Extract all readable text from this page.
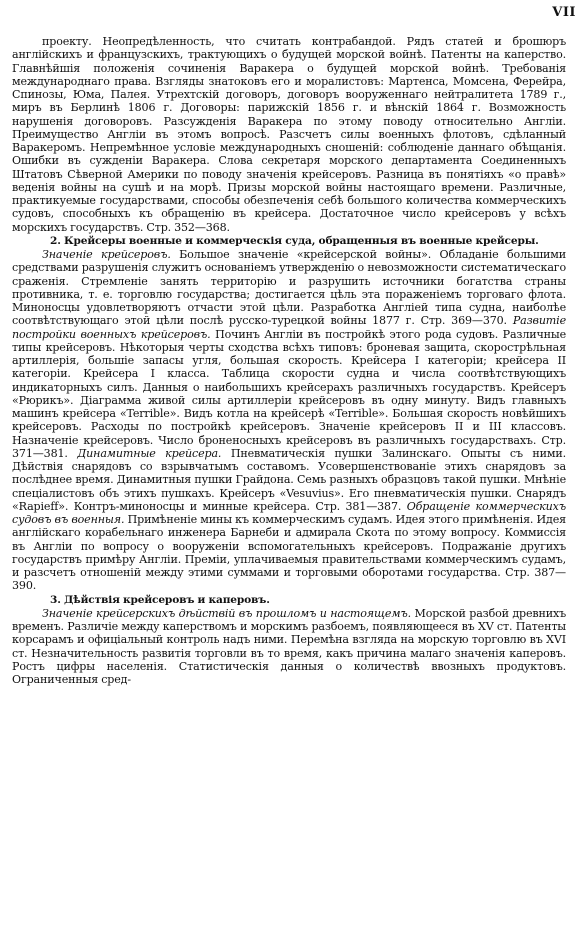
VII

проекту. Неопредѣленность, что считать контрабандой. Рядъ статей и брошюръ англійскихъ и французскихъ, трактующихъ о будущей морской войнѣ. Патенты на каперство. Главнѣйшія положенія сочиненія Варакера о будущей морской войнѣ. Требованія международнаго права. Взгляды знатоковъ его и моралистовъ: Мартенса, Момсена, Ферейра, Спинозы, Юма, Палея. Утрехтскій договоръ, договоръ вооруженнаго нейтралитета 1789 г., миръ въ Берлинѣ 1806 г. Договоры: парижскій 1856 г. и вѣнскій 1864 г. Возможность нарушенія договоровъ. Разсужденія Варакера по этому поводу относительно Англіи. Преимущество Англіи въ этомъ вопросѣ. Разсчетъ силы военныхъ флотовъ, сдѣланный Варакеромъ. Непремѣнное условіе международныхъ сношеній: соблюденіе даннаго обѣщанія. Ошибки въ сужденіи Варакера. Слова секретаря морского департамента Соединенныхъ Штатовъ Сѣверной Америки по поводу значенія крейсеровъ. Разница въ понятіяхъ «о правѣ» веденія войны на сушѣ и на морѣ. Призы морской войны настоящаго времени. Различные, практикуемые государствами, способы обезпеченія себѣ большого количества коммерческихъ судовъ, способныхъ къ обращенію въ крейсера. Достаточное число крейсеровъ у всѣхъ морскихъ государствъ. Стр. 352—368.

2. Крейсеры военные и коммерческія суда, обращенныя въ военные крейсеры.

Значеніе крейсеровъ. Большое значеніе «крейсерской войны». Обладаніе большими средствами разрушенія служитъ основаніемъ утвержденію о невозможности систематическаго сраженія. Стремленіе занять территорію и разрушить источники богатства страны противника, т. е. торговлю государства; достигается цѣль эта пораженіемъ торговаго флота. Миноносцы удовлетворяютъ отчасти этой цѣли. Разработка Англіей типа судна, наиболѣе соотвѣтствующаго этой цѣли послѣ русско-турецкой войны 1877 г. Стр. 369—370. Развитіе постройки военныхъ крейсеровъ. Починъ Англіи въ постройкѣ этого рода судовъ. Различные типы крейсеровъ. Нѣкоторыя черты сходства всѣхъ типовъ: броневая защита, скорострѣльная артиллерія, большіе запасы угля, большая скорость. Крейсера I категоріи; крейсера II категоріи. Крейсера I класса. Таблица скорости судна и числа соотвѣтствующихъ индикаторныхъ силъ. Данныя о наибольшихъ крейсерахъ различныхъ государствъ. Крейсеръ «Рюрикъ». Діаграмма живой силы артиллеріи крейсеровъ въ одну минуту. Видъ главныхъ машинъ крейсера «Terrible». Видъ котла на крейсерѣ «Terrible». Большая скорость новѣйшихъ крейсеровъ. Расходы по постройкѣ крейсеровъ. Значеніе крейсеровъ II и III классовъ. Назначеніе крейсеровъ. Число броненосныхъ крейсеровъ въ различныхъ государствахъ. Стр. 371—381. Динамитные крейсера. Пневматическія пушки Залинскаго. Опыты съ ними. Дѣйствія снарядовъ со взрывчатымъ составомъ. Усовершенствованіе этихъ снарядовъ за послѣднее время. Динамитныя пушки Грайдона. Семь разныхъ образцовъ такой пушки. Мнѣніе спеціалистовъ объ этихъ пушкахъ. Крейсеръ «Vesuvius». Его пневматическія пушки. Снарядъ «Rapieff». Контръ-миноносцы и минные крейсера. Стр. 381—387. Обращеніе коммерческихъ судовъ въ военныя. Примѣненіе мины къ коммерческимъ судамъ. Идея этого примѣненія. Идея англійскаго корабельнаго инженера Барнеби и адмирала Скота по этому вопросу. Коммиссія въ Англіи по вопросу о вооруженіи вспомогательныхъ крейсеровъ. Подражаніе другихъ государствъ примѣру Англіи. Преміи, уплачиваемыя правительствами коммерческимъ судамъ, и разсчетъ отношеній между этими суммами и торговыми оборотами государства. Стр. 387—390.

3. Дѣйствія крейсеровъ и каперовъ.

Значеніе крейсерскихъ дѣйствій въ прошломъ и настоящемъ. Морской разбой древнихъ временъ. Различіе между каперствомъ и морскимъ разбоемъ, появляющееся въ XV ст. Патенты корсарамъ и офиціальный контроль надъ ними. Перемѣна взгляда на морскую торговлю въ XVI ст. Незначительность развитія торговли въ то время, какъ причина малаго значенія каперовъ. Ростъ цифры населенія. Статистическія данныя о количествѣ ввозныхъ продуктовъ. Ограниченныя сред-
